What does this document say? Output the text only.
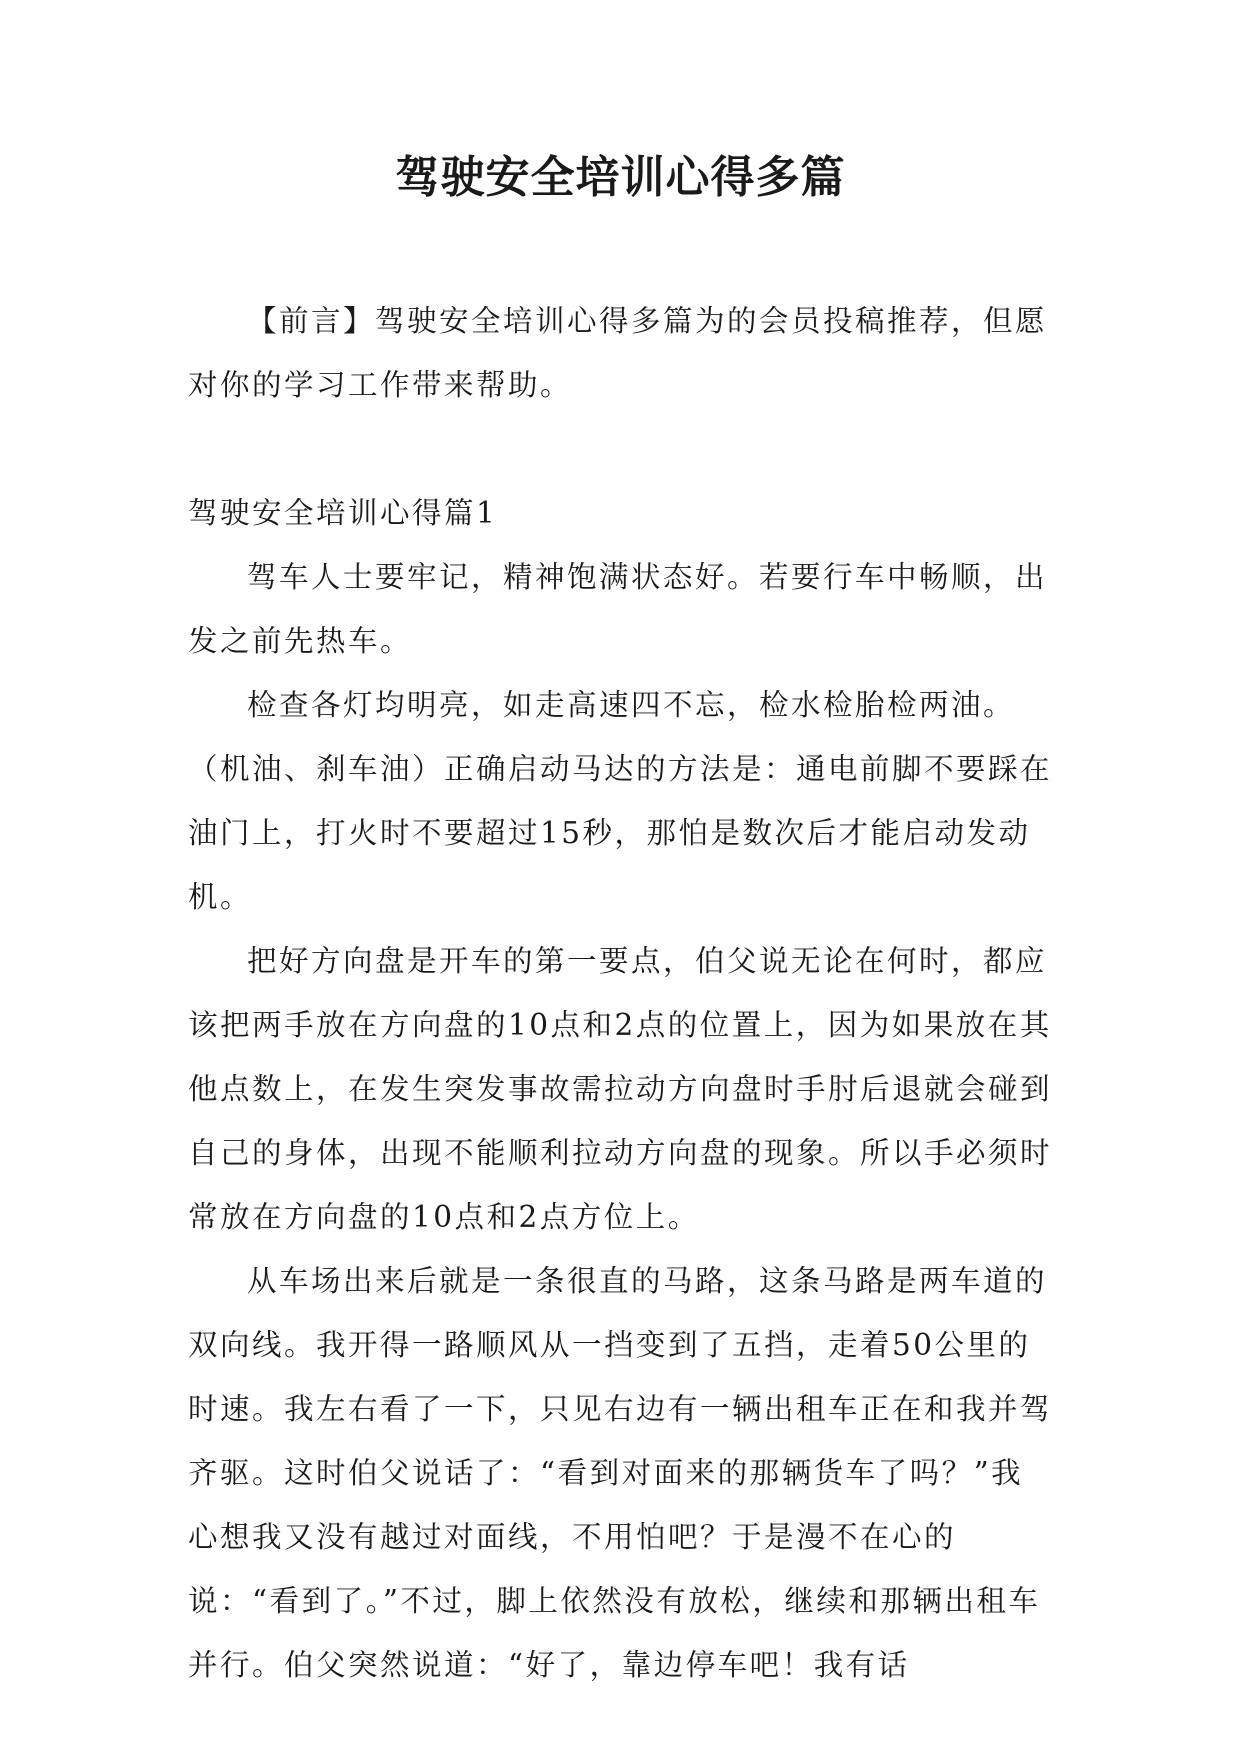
驾驶安全培训心得多篇

【前言】驾驶安全培训心得多篇为的会员投稿推荐，但愿对你的学习工作带来帮助。

驾驶安全培训心得篇1

驾车人士要牢记，精神饱满状态好。若要行车中畅顺，出发之前先热车。

检查各灯均明亮，如走高速四不忘，检水检胎检两油。（机油、刹车油）正确启动马达的方法是：通电前脚不要踩在油门上，打火时不要超过15秒，那怕是数次后才能启动发动机。

把好方向盘是开车的第一要点，伯父说无论在何时，都应该把两手放在方向盘的10点和2点的位置上，因为如果放在其他点数上，在发生突发事故需拉动方向盘时手肘后退就会碰到自己的身体，出现不能顺利拉动方向盘的现象。所以手必须时常放在方向盘的10点和2点方位上。

从车场出来后就是一条很直的马路，这条马路是两车道的双向线。我开得一路顺风从一挡变到了五挡，走着50公里的时速。我左右看了一下，只见右边有一辆出租车正在和我并驾齐驱。这时伯父说话了：“看到对面来的那辆货车了吗？”我心想我又没有越过对面线，不用怕吧？于是漫不在心的说：“看到了。”不过，脚上依然没有放松，继续和那辆出租车并行。伯父突然说道：“好了，靠边停车吧！我有话
